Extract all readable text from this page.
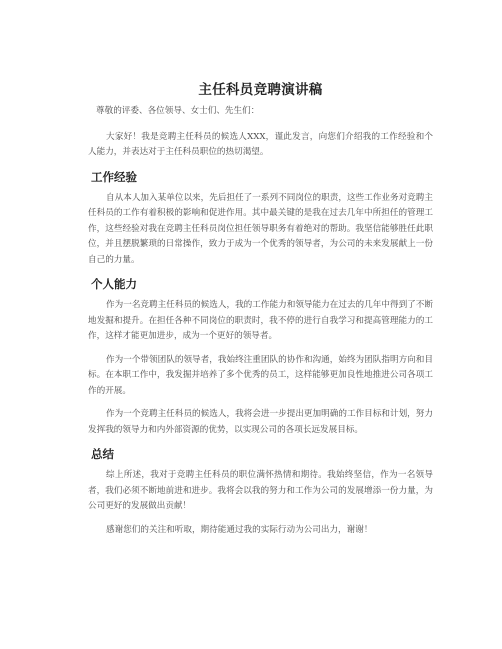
主任科员竞聘演讲稿

尊敬的评委、各位领导、女士们、先生们：

大家好！我是竞聘主任科员的候选人XXX，谨此发言，向您们介绍我的工作经验和个人能力，并表达对于主任科员职位的热切渴望。

工作经验

自从本人加入某单位以来，先后担任了一系列不同岗位的职责，这些工作业务对竞聘主任科员的工作有着积极的影响和促进作用。其中最关键的是我在过去几年中所担任的管理工作，这些经验对我在竞聘主任科员岗位担任领导职务有着绝对的帮助。我坚信能够胜任此职位，并且摆脱繁琐的日常操作，致力于成为一个优秀的领导者，为公司的未来发展献上一份自己的力量。

个人能力

作为一名竞聘主任科员的候选人，我的工作能力和领导能力在过去的几年中得到了不断地发掘和提升。在担任各种不同岗位的职责时，我不停的进行自我学习和提高管理能力的工作，这样才能更加进步，成为一个更好的领导者。

作为一个带领团队的领导者，我始终注重团队的协作和沟通，始终为团队指明方向和目标。在本职工作中，我发掘并培养了多个优秀的员工，这样能够更加良性地推进公司各项工作的开展。

作为一个竞聘主任科员的候选人，我将会进一步提出更加明确的工作目标和计划，努力发挥我的领导力和内外部资源的优势，以实现公司的各项长远发展目标。

总结

综上所述，我对于竞聘主任科员的职位满怀热情和期待。我始终坚信，作为一名领导者，我们必须不断地前进和进步。我将会以我的努力和工作为公司的发展增添一份力量，为公司更好的发展做出贡献！

感谢您们的关注和听取，期待能通过我的实际行动为公司出力，谢谢！
